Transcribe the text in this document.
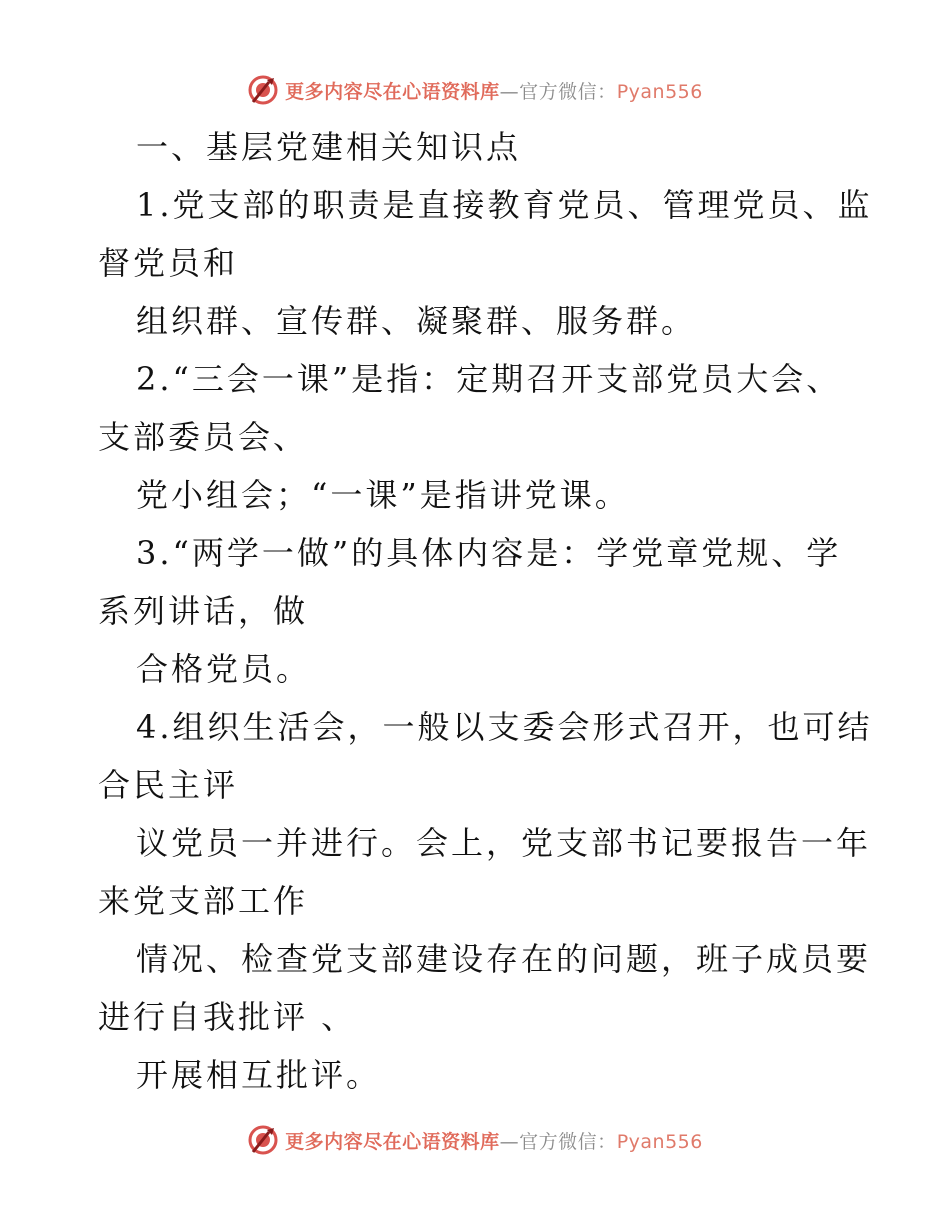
更多内容尽在心语资料库—官方微信：Pyan556
一、基层党建相关知识点
1.党支部的职责是直接教育党员、管理党员、监
督党员和
组织群、宣传群、凝聚群、服务群。
2.“三会一课”是指：定期召开支部党员大会、
支部委员会、
党小组会；“一课”是指讲党课。
3.“两学一做”的具体内容是：学党章党规、学
系列讲话，做
合格党员。
4.组织生活会，一般以支委会形式召开，也可结
合民主评
议党员一并进行。会上，党支部书记要报告一年
来党支部工作
情况、检查党支部建设存在的问题，班子成员要
进行自我批评 、
开展相互批评。
更多内容尽在心语资料库—官方微信：Pyan556
